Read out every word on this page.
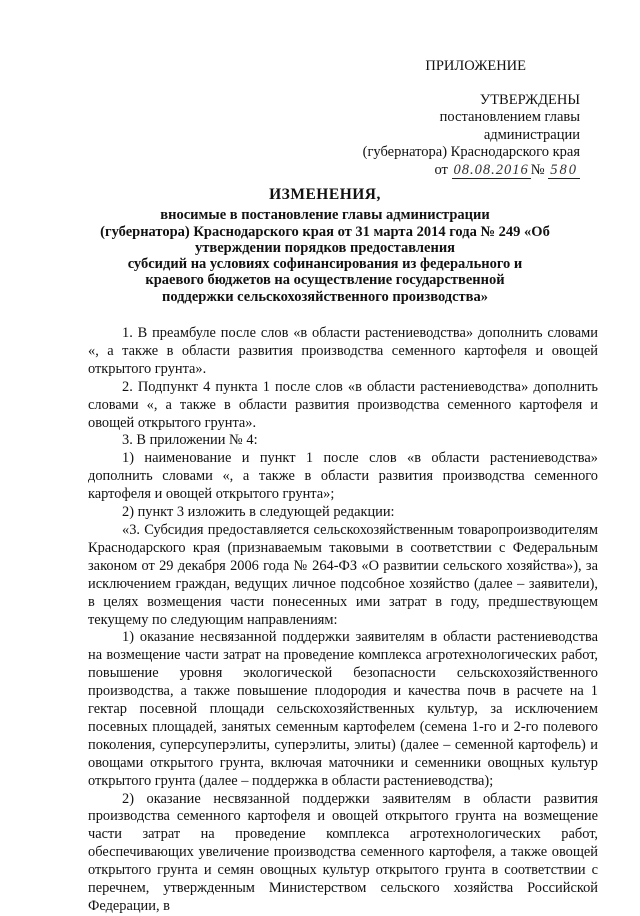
ПРИЛОЖЕНИЕ
УТВЕРЖДЕНЫ
постановлением главы администрации
(губернатора) Краснодарского края
от 08.08.2016 № 580
ИЗМЕНЕНИЯ,
вносимые в постановление главы администрации
(губернатора) Краснодарского края от 31 марта 2014 года № 249 «Об
утверждении порядков предоставления
субсидий на условиях софинансирования из федерального и
краевого бюджетов на осуществление государственной
поддержки сельскохозяйственного производства»

1. В преамбуле после слов «в области растениеводства» дополнить словами «, а также в области развития производства семенного картофеля и овощей открытого грунта».

2. Подпункт 4 пункта 1 после слов «в области растениеводства» дополнить словами «, а также в области развития производства семенного картофеля и овощей открытого грунта».

3. В приложении № 4:

1) наименование и пункт 1 после слов «в области растениеводства» дополнить словами «, а также в области развития производства семенного картофеля и овощей открытого грунта»;

2) пункт 3 изложить в следующей редакции:

«3. Субсидия предоставляется сельскохозяйственным товаропроизводителям Краснодарского края (признаваемым таковыми в соответствии с Федеральным законом от 29 декабря 2006 года № 264-ФЗ «О развитии сельского хозяйства»), за исключением граждан, ведущих личное подсобное хозяйство (далее – заявители), в целях возмещения части понесенных ими затрат в году, предшествующем текущему по следующим направлениям:

1) оказание несвязанной поддержки заявителям в области растениеводства на возмещение части затрат на проведение комплекса агротехнологических работ, повышение уровня экологической безопасности сельскохозяйственного производства, а также повышение плодородия и качества почв в расчете на 1 гектар посевной площади сельскохозяйственных культур, за исключением посевных площадей, занятых семенным картофелем (семена 1-го и 2-го полевого поколения, суперсуперэлиты, суперэлиты, элиты) (далее – семенной картофель) и овощами открытого грунта, включая маточники и семенники овощных культур открытого грунта (далее – поддержка в области растениеводства);

2) оказание несвязанной поддержки заявителям в области развития производства семенного картофеля и овощей открытого грунта на возмещение части затрат на проведение комплекса агротехнологических работ, обеспечивающих увеличение производства семенного картофеля, а также овощей открытого грунта и семян овощных культур открытого грунта в соответствии с перечнем, утвержденным Министерством сельского хозяйства Российской Федерации, в
